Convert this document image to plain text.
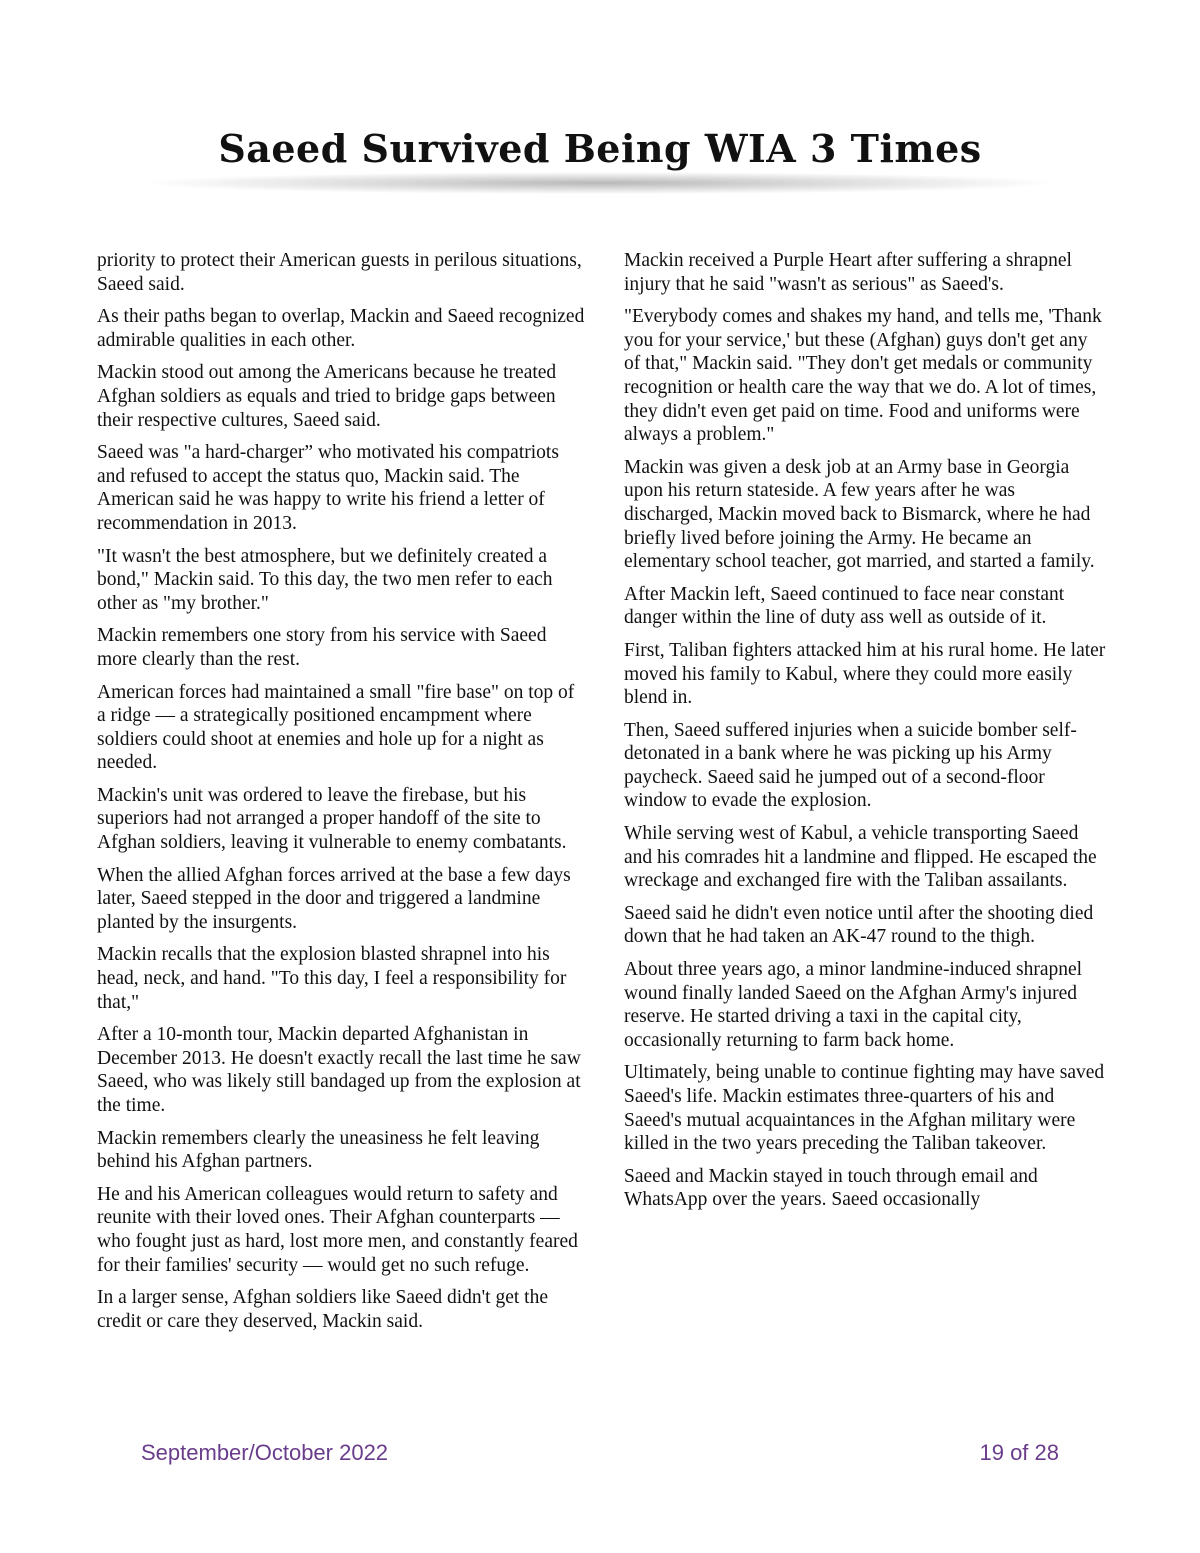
Saeed Survived Being WIA 3 Times

priority to protect their American guests in perilous situations, Saeed said.

As their paths began to overlap, Mackin and Saeed recognized admirable qualities in each other.

Mackin stood out among the Americans because he treated Afghan soldiers as equals and tried to bridge gaps between their respective cultures, Saeed said.

Saeed was "a hard-charger” who motivated his compatriots and refused to accept the status quo, Mackin said. The American said he was happy to write his friend a letter of recommendation in 2013.

"It wasn't the best atmosphere, but we definitely created a bond," Mackin said. To this day, the two men refer to each other as "my brother."

Mackin remembers one story from his service with Saeed more clearly than the rest.

American forces had maintained a small "fire base" on top of a ridge — a strategically positioned encampment where soldiers could shoot at enemies and hole up for a night as needed.

Mackin's unit was ordered to leave the firebase, but his superiors had not arranged a proper handoff of the site to Afghan soldiers, leaving it vulnerable to enemy combatants.

When the allied Afghan forces arrived at the base a few days later, Saeed stepped in the door and triggered a landmine planted by the insurgents.

Mackin recalls that the explosion blasted shrapnel into his head, neck, and hand. "To this day, I feel a responsibility for that,"

After a 10-month tour, Mackin departed Afghanistan in December 2013. He doesn't exactly recall the last time he saw Saeed, who was likely still bandaged up from the explosion at the time.

Mackin remembers clearly the uneasiness he felt leaving behind his Afghan partners.

He and his American colleagues would return to safety and reunite with their loved ones. Their Afghan counterparts — who fought just as hard, lost more men, and constantly feared for their families' security — would get no such refuge.

In a larger sense, Afghan soldiers like Saeed didn't get the credit or care they deserved, Mackin said.

Mackin received a Purple Heart after suffering a shrapnel injury that he said "wasn't as serious" as Saeed's.

"Everybody comes and shakes my hand, and tells me, 'Thank you for your service,' but these (Afghan) guys don't get any of that," Mackin said. "They don't get medals or community recognition or health care the way that we do. A lot of times, they didn't even get paid on time. Food and uniforms were always a problem."

Mackin was given a desk job at an Army base in Georgia upon his return stateside. A few years after he was discharged, Mackin moved back to Bismarck, where he had briefly lived before joining the Army. He became an elementary school teacher, got married, and started a family.

After Mackin left, Saeed continued to face near constant danger within the line of duty ass well as outside of it.

First, Taliban fighters attacked him at his rural home. He later moved his family to Kabul, where they could more easily blend in.

Then, Saeed suffered injuries when a suicide bomber self-detonated in a bank where he was picking up his Army paycheck. Saeed said he jumped out of a second-floor window to evade the explosion.

While serving west of Kabul, a vehicle transporting Saeed and his comrades hit a landmine and flipped. He escaped the wreckage and exchanged fire with the Taliban assailants.

Saeed said he didn't even notice until after the shooting died down that he had taken an AK-47 round to the thigh.

About three years ago, a minor landmine-induced shrapnel wound finally landed Saeed on the Afghan Army's injured reserve. He started driving a taxi in the capital city, occasionally returning to farm back home.

Ultimately, being unable to continue fighting may have saved Saeed's life. Mackin estimates three-quarters of his and Saeed's mutual acquaintances in the Afghan military were killed in the two years preceding the Taliban takeover.

Saeed and Mackin stayed in touch through email and WhatsApp over the years. Saeed occasionally

September/October 2022	19 of 28
